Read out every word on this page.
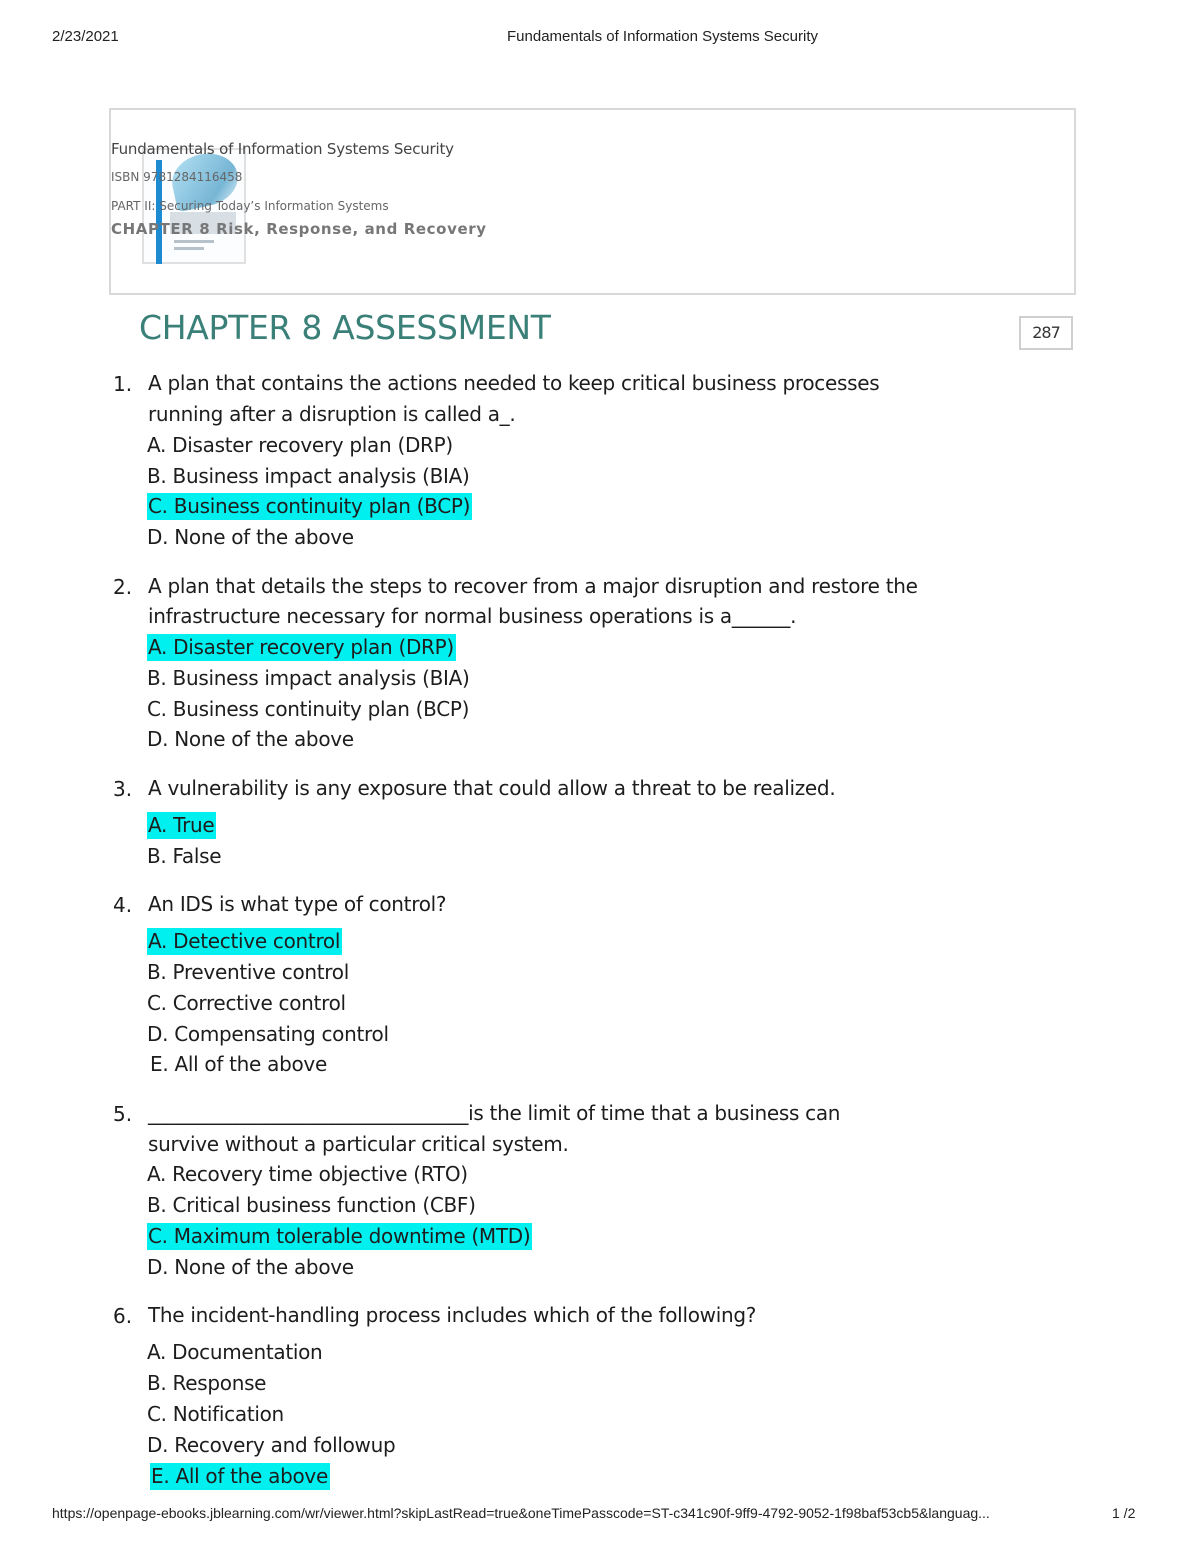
2/23/2021	Fundamentals of Information Systems Security
Fundamentals of Information Systems Security
ISBN 9781284116458
PART II: Securing Today’s Information Systems
CHAPTER 8 Risk, Response, and Recovery
CHAPTER 8 ASSESSMENT	287
1. A plan that contains the actions needed to keep critical business processes
running after a disruption is called a_.
A. Disaster recovery plan (DRP)
B. Business impact analysis (BIA)
C. Business continuity plan (BCP)
D. None of the above
2. A plan that details the steps to recover from a major disruption and restore the
infrastructure necessary for normal business operations is a______.
A. Disaster recovery plan (DRP)
B. Business impact analysis (BIA)
C. Business continuity plan (BCP)
D. None of the above
3. A vulnerability is any exposure that could allow a threat to be realized.
A. True
B. False
4. An IDS is what type of control?
A. Detective control
B. Preventive control
C. Corrective control
D. Compensating control
E. All of the above
5. _________________________________is the limit of time that a business can
survive without a particular critical system.
A. Recovery time objective (RTO)
B. Critical business function (CBF)
C. Maximum tolerable downtime (MTD)
D. None of the above
6. The incident-handling process includes which of the following?
A. Documentation
B. Response
C. Notification
D. Recovery and followup
E. All of the above
https://openpage-ebooks.jblearning.com/wr/viewer.html?skipLastRead=true&oneTimePasscode=ST-c341c90f-9ff9-4792-9052-1f98baf53cb5&languag...	1 /2
